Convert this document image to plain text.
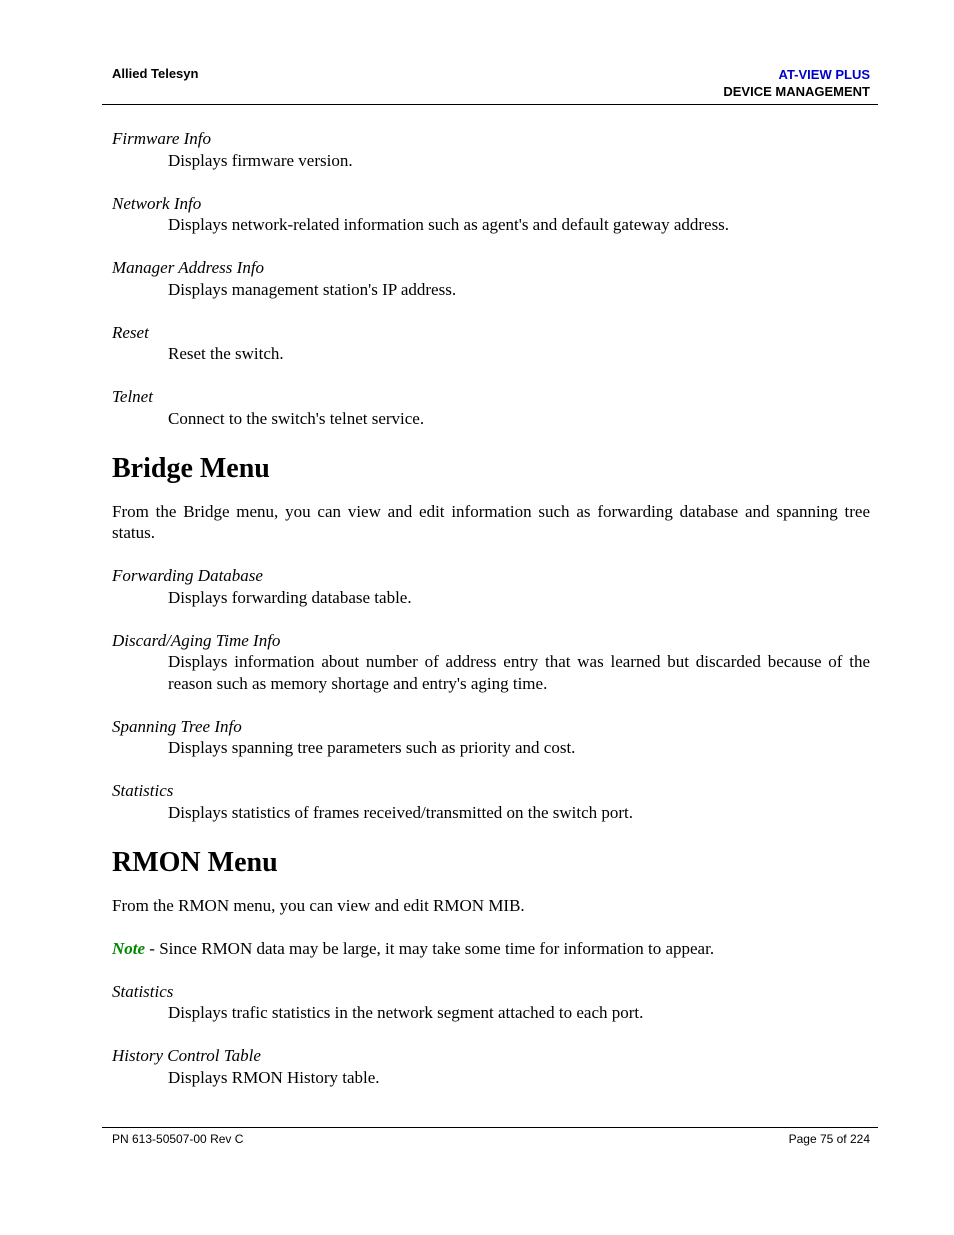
Allied Telesyn	AT-VIEW PLUS
DEVICE MANAGEMENT

Firmware Info

Displays firmware version.

Network Info

Displays network-related information such as agent's and default gateway address.

Manager Address Info

Displays management station's IP address.

Reset

Reset the switch.

Telnet

Connect to the switch's telnet service.

Bridge Menu

From the Bridge menu, you can view and edit information such as forwarding database and spanning tree status.

Forwarding Database

Displays forwarding database table.

Discard/Aging Time Info

Displays information about number of address entry that was learned but discarded because of the reason such as memory shortage and entry's aging time.

Spanning Tree Info

Displays spanning tree parameters such as priority and cost.

Statistics

Displays statistics of frames received/transmitted on the switch port.

RMON Menu

From the RMON menu, you can view and edit RMON MIB.

Note - Since RMON data may be large, it may take some time for information to appear.

Statistics

Displays trafic statistics in the network segment attached to each port.

History Control Table

Displays RMON History table.

PN 613-50507-00 Rev C	Page 75 of 224
